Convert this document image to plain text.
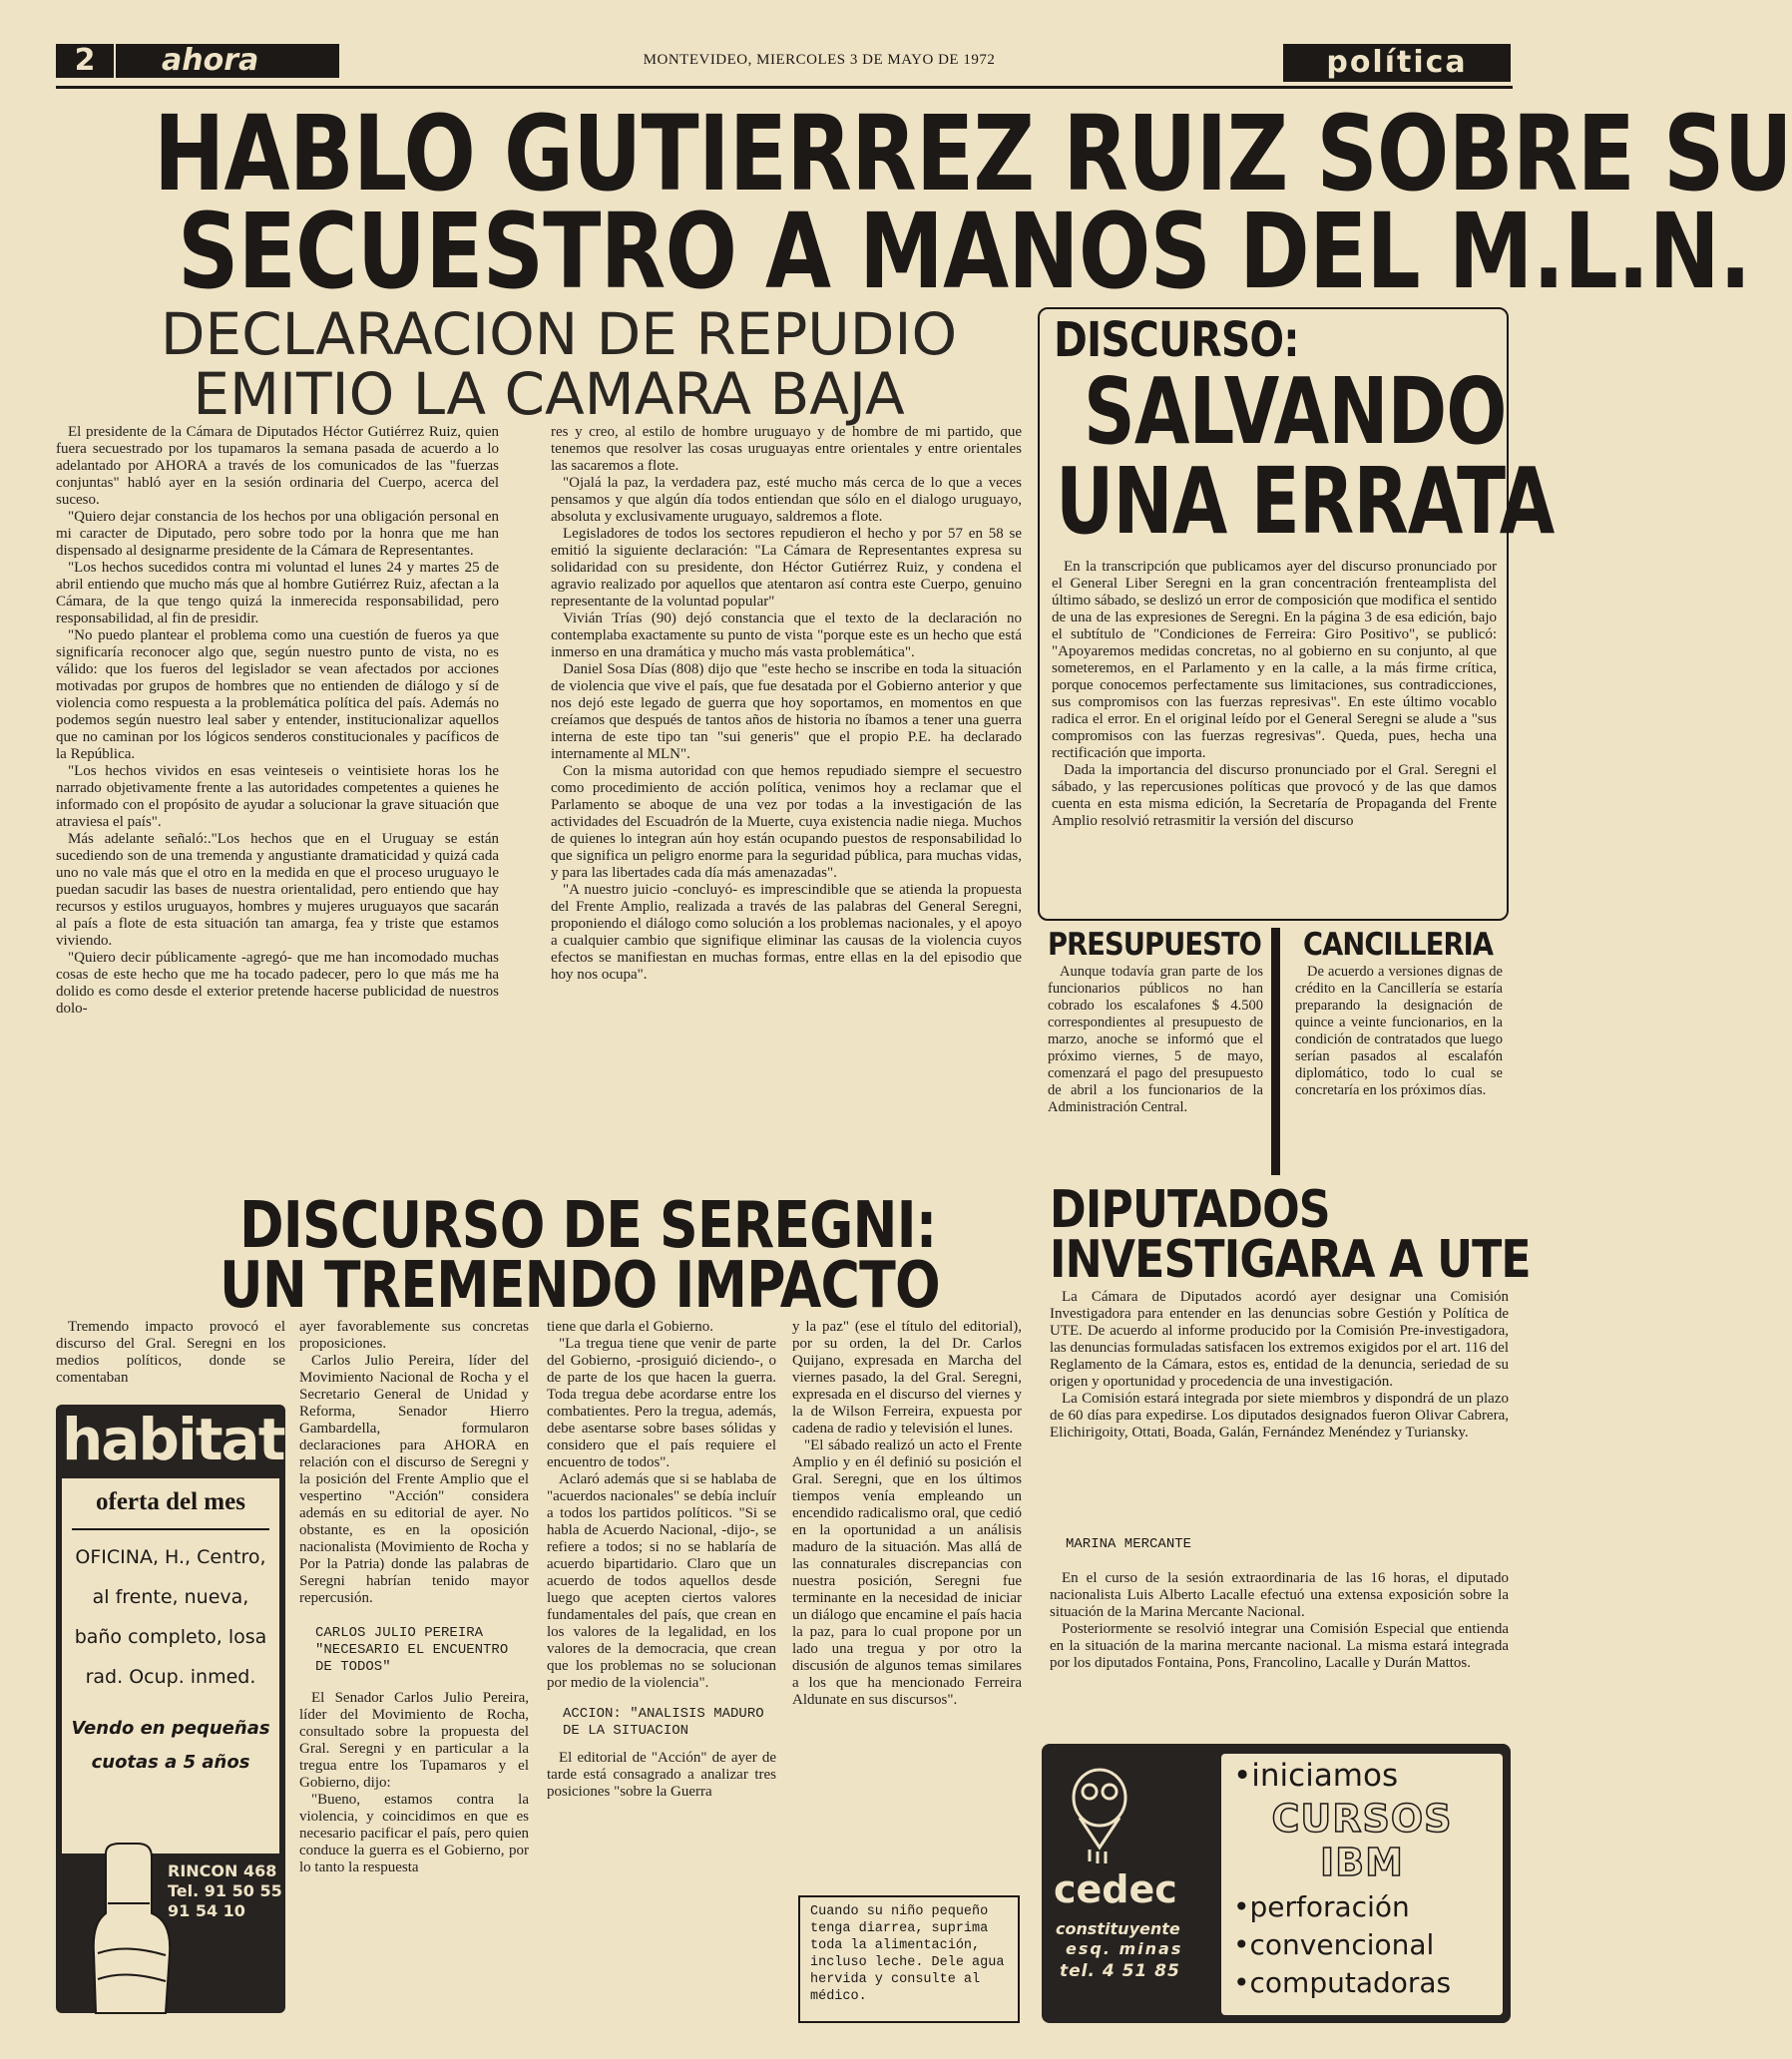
2	ahora	MONTEVIDEO, MIERCOLES 3 DE MAYO DE 1972	política
HABLO GUTIERREZ RUIZ SOBRE SU
SECUESTRO A MANOS DEL M.L.N.
DECLARACION DE REPUDIO
EMITIO LA CAMARA BAJA

El presidente de la Cámara de Diputados Héctor Gutiérrez Ruiz, quien fuera secuestrado por los tupamaros la semana pasada de acuerdo a lo adelantado por AHORA a través de los comunicados de las "fuerzas conjuntas" habló ayer en la sesión ordinaria del Cuerpo, acerca del suceso.

"Quiero dejar constancia de los hechos por una obligación personal en mi caracter de Diputado, pero sobre todo por la honra que me han dispensado al designarme presidente de la Cámara de Representantes.

"Los hechos sucedidos contra mi voluntad el lunes 24 y martes 25 de abril entiendo que mucho más que al hombre Gutiérrez Ruiz, afectan a la Cámara, de la que tengo quizá la inmerecida responsabilidad, pero responsabilidad, al fin de presidir.

"No puedo plantear el problema como una cuestión de fueros ya que significaría reconocer algo que, según nuestro punto de vista, no es válido: que los fueros del legislador se vean afectados por acciones motivadas por grupos de hombres que no entienden de diálogo y sí de violencia como respuesta a la problemática política del país. Además no podemos según nuestro leal saber y entender, institucionalizar aquellos que no caminan por los lógicos senderos constitucionales y pacíficos de la República.

"Los hechos vividos en esas veinteseis o veintisiete horas los he narrado objetivamente frente a las autoridades competentes a quienes he informado con el propósito de ayudar a solucionar la grave situación que atraviesa el país".

Más adelante señaló:."Los hechos que en el Uruguay se están sucediendo son de una tremenda y angustiante dramaticidad y quizá cada uno no vale más que el otro en la medida en que el proceso uruguayo le puedan sacudir las bases de nuestra orientalidad, pero entiendo que hay recursos y estilos uruguayos, hombres y mujeres uruguayos que sacarán al país a flote de esta situación tan amarga, fea y triste que estamos viviendo.

"Quiero decir públicamente -agregó- que me han incomodado muchas cosas de este hecho que me ha tocado padecer, pero lo que más me ha dolido es como desde el exterior pretende hacerse publicidad de nuestros dolo-

res y creo, al estilo de hombre uruguayo y de hombre de mi partido, que tenemos que resolver las cosas uruguayas entre orientales y entre orientales las sacaremos a flote.

"Ojalá la paz, la verdadera paz, esté mucho más cerca de lo que a veces pensamos y que algún día todos entiendan que sólo en el dialogo uruguayo, absoluta y exclusivamente uruguayo, saldremos a flote.

Legisladores de todos los sectores repudieron el hecho y por 57 en 58 se emitió la siguiente declaración: "La Cámara de Representantes expresa su solidaridad con su presidente, don Héctor Gutiérrez Ruiz, y condena el agravio realizado por aquellos que atentaron así contra este Cuerpo, genuino representante de la voluntad popular"

Vivián Trías (90) dejó constancia que el texto de la declaración no contemplaba exactamente su punto de vista "porque este es un hecho que está inmerso en una dramática y mucho más vasta problemática".

Daniel Sosa Días (808) dijo que "este hecho se inscribe en toda la situación de violencia que vive el país, que fue desatada por el Gobierno anterior y que nos dejó este legado de guerra que hoy soportamos, en momentos en que creíamos que después de tantos años de historia no íbamos a tener una guerra interna de este tipo tan "sui generis" que el propio P.E. ha declarado internamente al MLN".

Con la misma autoridad con que hemos repudiado siempre el secuestro como procedimiento de acción política, venimos hoy a reclamar que el Parlamento se aboque de una vez por todas a la investigación de las actividades del Escuadrón de la Muerte, cuya existencia nadie niega. Muchos de quienes lo integran aún hoy están ocupando puestos de responsabilidad lo que significa un peligro enorme para la seguridad pública, para muchas vidas, y para las libertades cada día más amenazadas".

"A nuestro juicio -concluyó- es imprescindible que se atienda la propuesta del Frente Amplio, realizada a través de las palabras del General Seregni, proponiendo el diálogo como solución a los problemas nacionales, y el apoyo a cualquier cambio que signifique eliminar las causas de la violencia cuyos efectos se manifiestan en muchas formas, entre ellas en la del episodio que hoy nos ocupa".

DISCURSO:
SALVANDO
UNA ERRATA

En la transcripción que publicamos ayer del discurso pronunciado por el General Liber Seregni en la gran concentración frenteamplista del último sábado, se deslizó un error de composición que modifica el sentido de una de las expresiones de Seregni. En la página 3 de esa edición, bajo el subtítulo de "Condiciones de Ferreira: Giro Positivo", se publicó: "Apoyaremos medidas concretas, no al gobierno en su conjunto, al que someteremos, en el Parlamento y en la calle, a la más firme crítica, porque conocemos perfectamente sus limitaciones, sus contradicciones, sus compromisos con las fuerzas represivas". En este último vocablo radica el error. En el original leído por el General Seregni se alude a "sus compromisos con las fuerzas regresivas". Queda, pues, hecha una rectificación que importa.

Dada la importancia del discurso pronunciado por el Gral. Seregni el sábado, y las repercusiones políticas que provocó y de las que damos cuenta en esta misma edición, la Secretaría de Propaganda del Frente Amplio resolvió retrasmitir la versión del discurso

PRESUPUESTO

Aunque todavía gran parte de los funcionarios públicos no han cobrado los escalafones $ 4.500 correspondientes al presupuesto de marzo, anoche se informó que el próximo viernes, 5 de mayo, comenzará el pago del presupuesto de abril a los funcionarios de la Administración Central.

CANCILLERIA

De acuerdo a versiones dignas de crédito en la Cancillería se estaría preparando la designación de quince a veinte funcionarios, en la condición de contratados que luego serían pasados al escalafón diplomático, todo lo cual se concretaría en los próximos días.

DIPUTADOS
INVESTIGARA A UTE

La Cámara de Diputados acordó ayer designar una Comisión Investigadora para entender en las denuncias sobre Gestión y Política de UTE. De acuerdo al informe producido por la Comisión Pre-investigadora, las denuncias formuladas satisfacen los extremos exigidos por el art. 116 del Reglamento de la Cámara, estos es, entidad de la denuncia, seriedad de su origen y oportunidad y procedencia de una investigación.

La Comisión estará integrada por siete miembros y dispondrá de un plazo de 60 días para expedirse. Los diputados designados fueron Olivar Cabrera, Elichirigoity, Ottati, Boada, Galán, Fernández Menéndez y Turiansky.

MARINA MERCANTE

En el curso de la sesión extraordinaria de las 16 horas, el diputado nacionalista Luis Alberto Lacalle efectuó una extensa exposición sobre la situación de la Marina Mercante Nacional.

Posteriormente se resolvió integrar una Comisión Especial que entienda en la situación de la marina mercante nacional. La misma estará integrada por los diputados Fontaina, Pons, Francolino, Lacalle y Durán Mattos.

DISCURSO DE SEREGNI:
UN TREMENDO IMPACTO

Tremendo impacto provocó el discurso del Gral. Seregni en los medios políticos, donde se comentaban

ayer favorablemente sus concretas proposiciones.

Carlos Julio Pereira, líder del Movimiento Nacional de Rocha y el Secretario General de Unidad y Reforma, Senador Hierro Gambardella, formularon declaraciones para AHORA en relación con el discurso de Seregni y la posición del Frente Amplio que el vespertino "Acción" considera además en su editorial de ayer. No obstante, es en la oposición nacionalista (Movimiento de Rocha y Por la Patria) donde las palabras de Seregni habrían tenido mayor repercusión.

CARLOS JULIO PEREIRA "NECESARIO EL ENCUENTRO DE TODOS"

El Senador Carlos Julio Pereira, líder del Movimiento de Rocha, consultado sobre la propuesta del Gral. Seregni y en particular a la tregua entre los Tupamaros y el Gobierno, dijo:

"Bueno, estamos contra la violencia, y coincidimos en que es necesario pacificar el país, pero quien conduce la guerra es el Gobierno, por lo tanto la respuesta

tiene que darla el Gobierno.

"La tregua tiene que venir de parte del Gobierno, -prosiguió diciendo-, o de parte de los que hacen la guerra. Toda tregua debe acordarse entre los combatientes. Pero la tregua, además, debe asentarse sobre bases sólidas y considero que el país requiere el encuentro de todos".

Aclaró además que si se hablaba de "acuerdos nacionales" se debía incluír a todos los partidos políticos. "Si se habla de Acuerdo Nacional, -dijo-, se refiere a todos; si no se hablaría de acuerdo bipartidario. Claro que un acuerdo de todos aquellos desde luego que acepten ciertos valores fundamentales del país, que crean en los valores de la legalidad, en los valores de la democracia, que crean que los problemas no se solucionan por medio de la violencia".

ACCION: "ANALISIS MADURO DE LA SITUACION

El editorial de "Acción" de ayer de tarde está consagrado a analizar tres posiciones "sobre la Guerra

y la paz" (ese el título del editorial), por su orden, la del Dr. Carlos Quijano, expresada en Marcha del viernes pasado, la del Gral. Seregni, expresada en el discurso del viernes y la de Wilson Ferreira, expuesta por cadena de radio y televisión el lunes.

"El sábado realizó un acto el Frente Amplio y en él definió su posición el Gral. Seregni, que en los últimos tiempos venía empleando un encendido radicalismo oral, que cedió en la oportunidad a un análisis maduro de la situación. Mas allá de las connaturales discrepancias con nuestra posición, Seregni fue terminante en la necesidad de iniciar un diálogo que encamine el país hacia la paz, para lo cual propone por un lado una tregua y por otro la discusión de algunos temas similares a los que ha mencionado Ferreira Aldunate en sus discursos".

Cuando su niño pequeño tenga diarrea, suprima toda la alimentación, incluso leche. Dele agua hervida y consulte al médico.
habitat
oferta del mes
OFICINA, H., Centro,
al frente, nueva,
baño completo, losa
rad. Ocup. inmed.
Vendo en pequeñas
cuotas a 5 años
RINCON 468
Tel. 91 50 55
91 54 10	cedec
constituyente
esq. minas
tel. 4 51 85
•iniciamos
CURSOS
IBM
•perforación
•convencional
•computadoras
